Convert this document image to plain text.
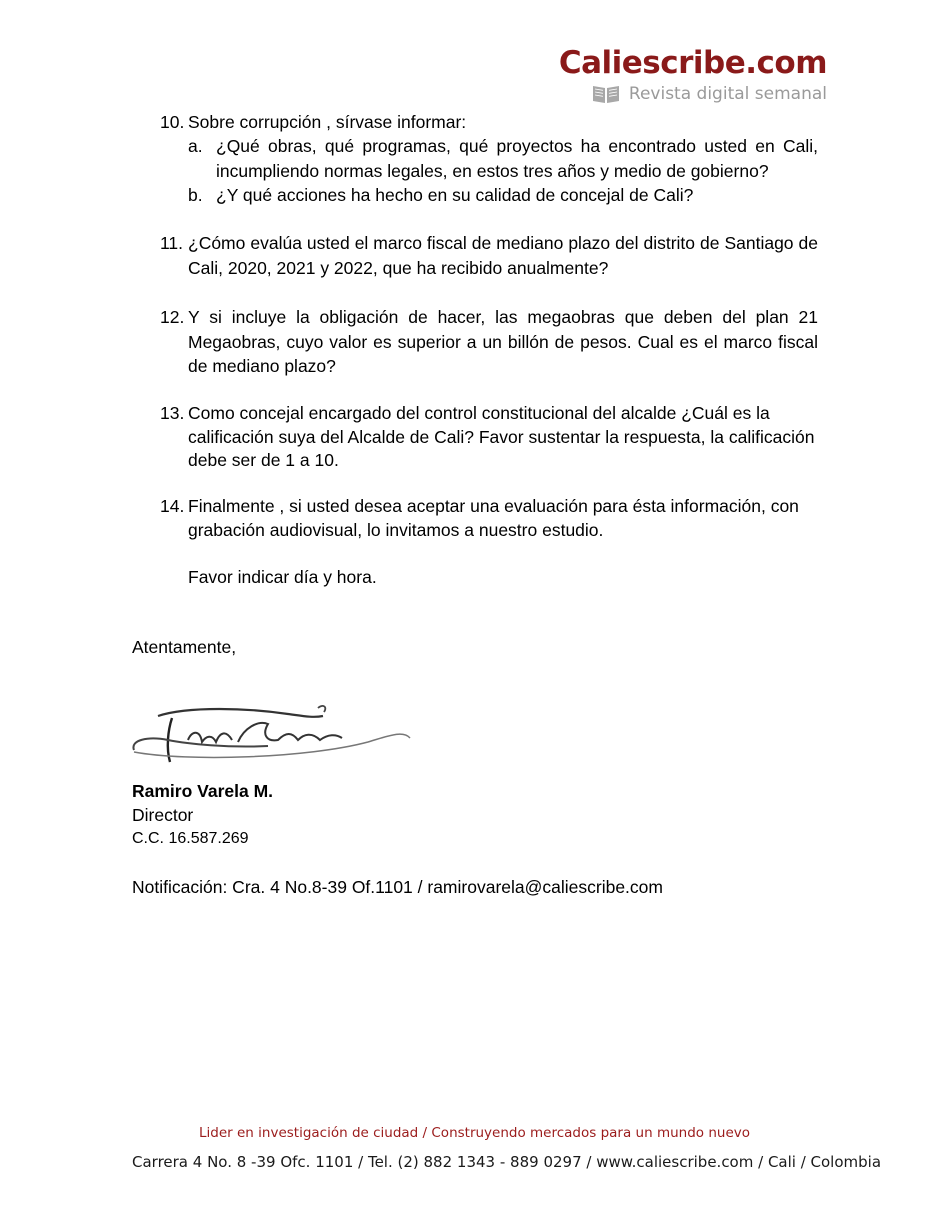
Caliescribe.com
Revista digital semanal
10. Sobre corrupción , sírvase informar:
a. ¿Qué obras, qué programas, qué proyectos ha encontrado usted en Cali, incumpliendo normas legales, en estos tres años y medio de gobierno?
b. ¿Y qué acciones ha hecho en su calidad de concejal de Cali?
11. ¿Cómo evalúa usted el marco fiscal de mediano plazo del distrito de Santiago de Cali, 2020, 2021 y 2022, que ha recibido anualmente?
12. Y si incluye la obligación de hacer, las megaobras que deben del plan 21 Megaobras, cuyo valor es superior a un billón de pesos. Cual es el marco fiscal de mediano plazo?
13. Como concejal encargado del control constitucional del alcalde ¿Cuál es la calificación suya del Alcalde de Cali? Favor sustentar la respuesta, la calificación debe ser de 1 a 10.
14. Finalmente , si usted desea aceptar una evaluación para ésta información, con grabación audiovisual, lo invitamos a nuestro estudio.
Favor indicar día y hora.
Atentamente,
Ramiro Varela M.
Director
C.C. 16.587.269
Notificación: Cra. 4 No.8-39 Of.1101 / ramirovarela@caliescribe.com
Lider en investigación de ciudad / Construyendo mercados para un mundo nuevo
Carrera 4 No. 8 -39 Ofc. 1101 / Tel. (2) 882 1343 - 889 0297 / www.caliescribe.com / Cali / Colombia
